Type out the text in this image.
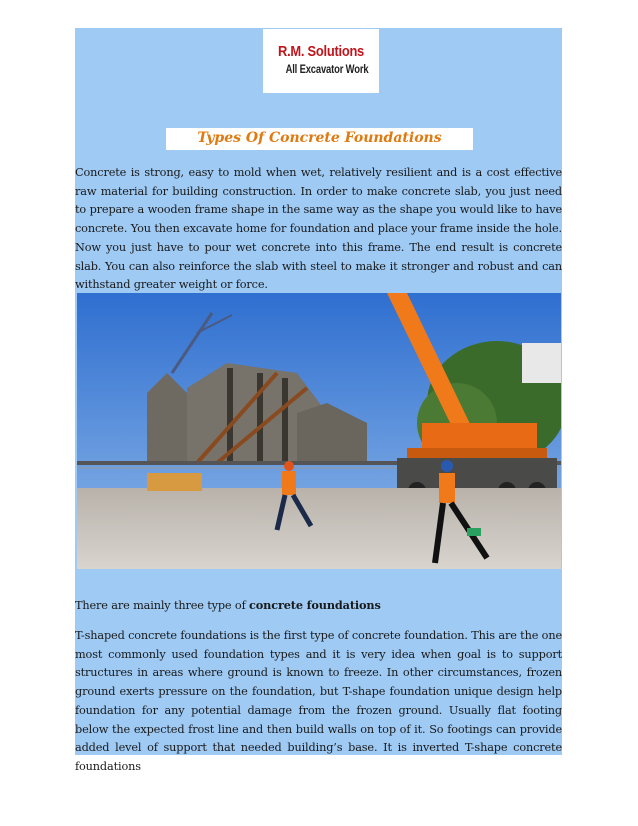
R.M. Solutions
All Excavator Work
Types Of Concrete Foundations
Concrete is strong, easy to mold when wet, relatively resilient and is a cost effective raw material for building construction. In order to make concrete slab, you just need to prepare a wooden frame shape in the same way as the shape you would like to have concrete. You then excavate home for foundation and place your frame inside the hole. Now you just have to pour wet concrete into this frame. The end result is concrete slab. You can also reinforce the slab with steel to make it stronger and robust and can withstand greater weight or force.
There are mainly three type of concrete foundations
T-shaped concrete foundations is the first type of concrete foundation. This are the one most commonly used foundation types and it is very idea when goal is to support structures in areas where ground is known to freeze. In other circumstances, frozen ground exerts pressure on the foundation, but T-shape foundation unique design help foundation for any potential damage from the frozen ground. Usually flat footing below the expected frost line and then build walls on top of it. So footings can provide added level of support that needed building’s base. It is inverted T-shape concrete foundations
